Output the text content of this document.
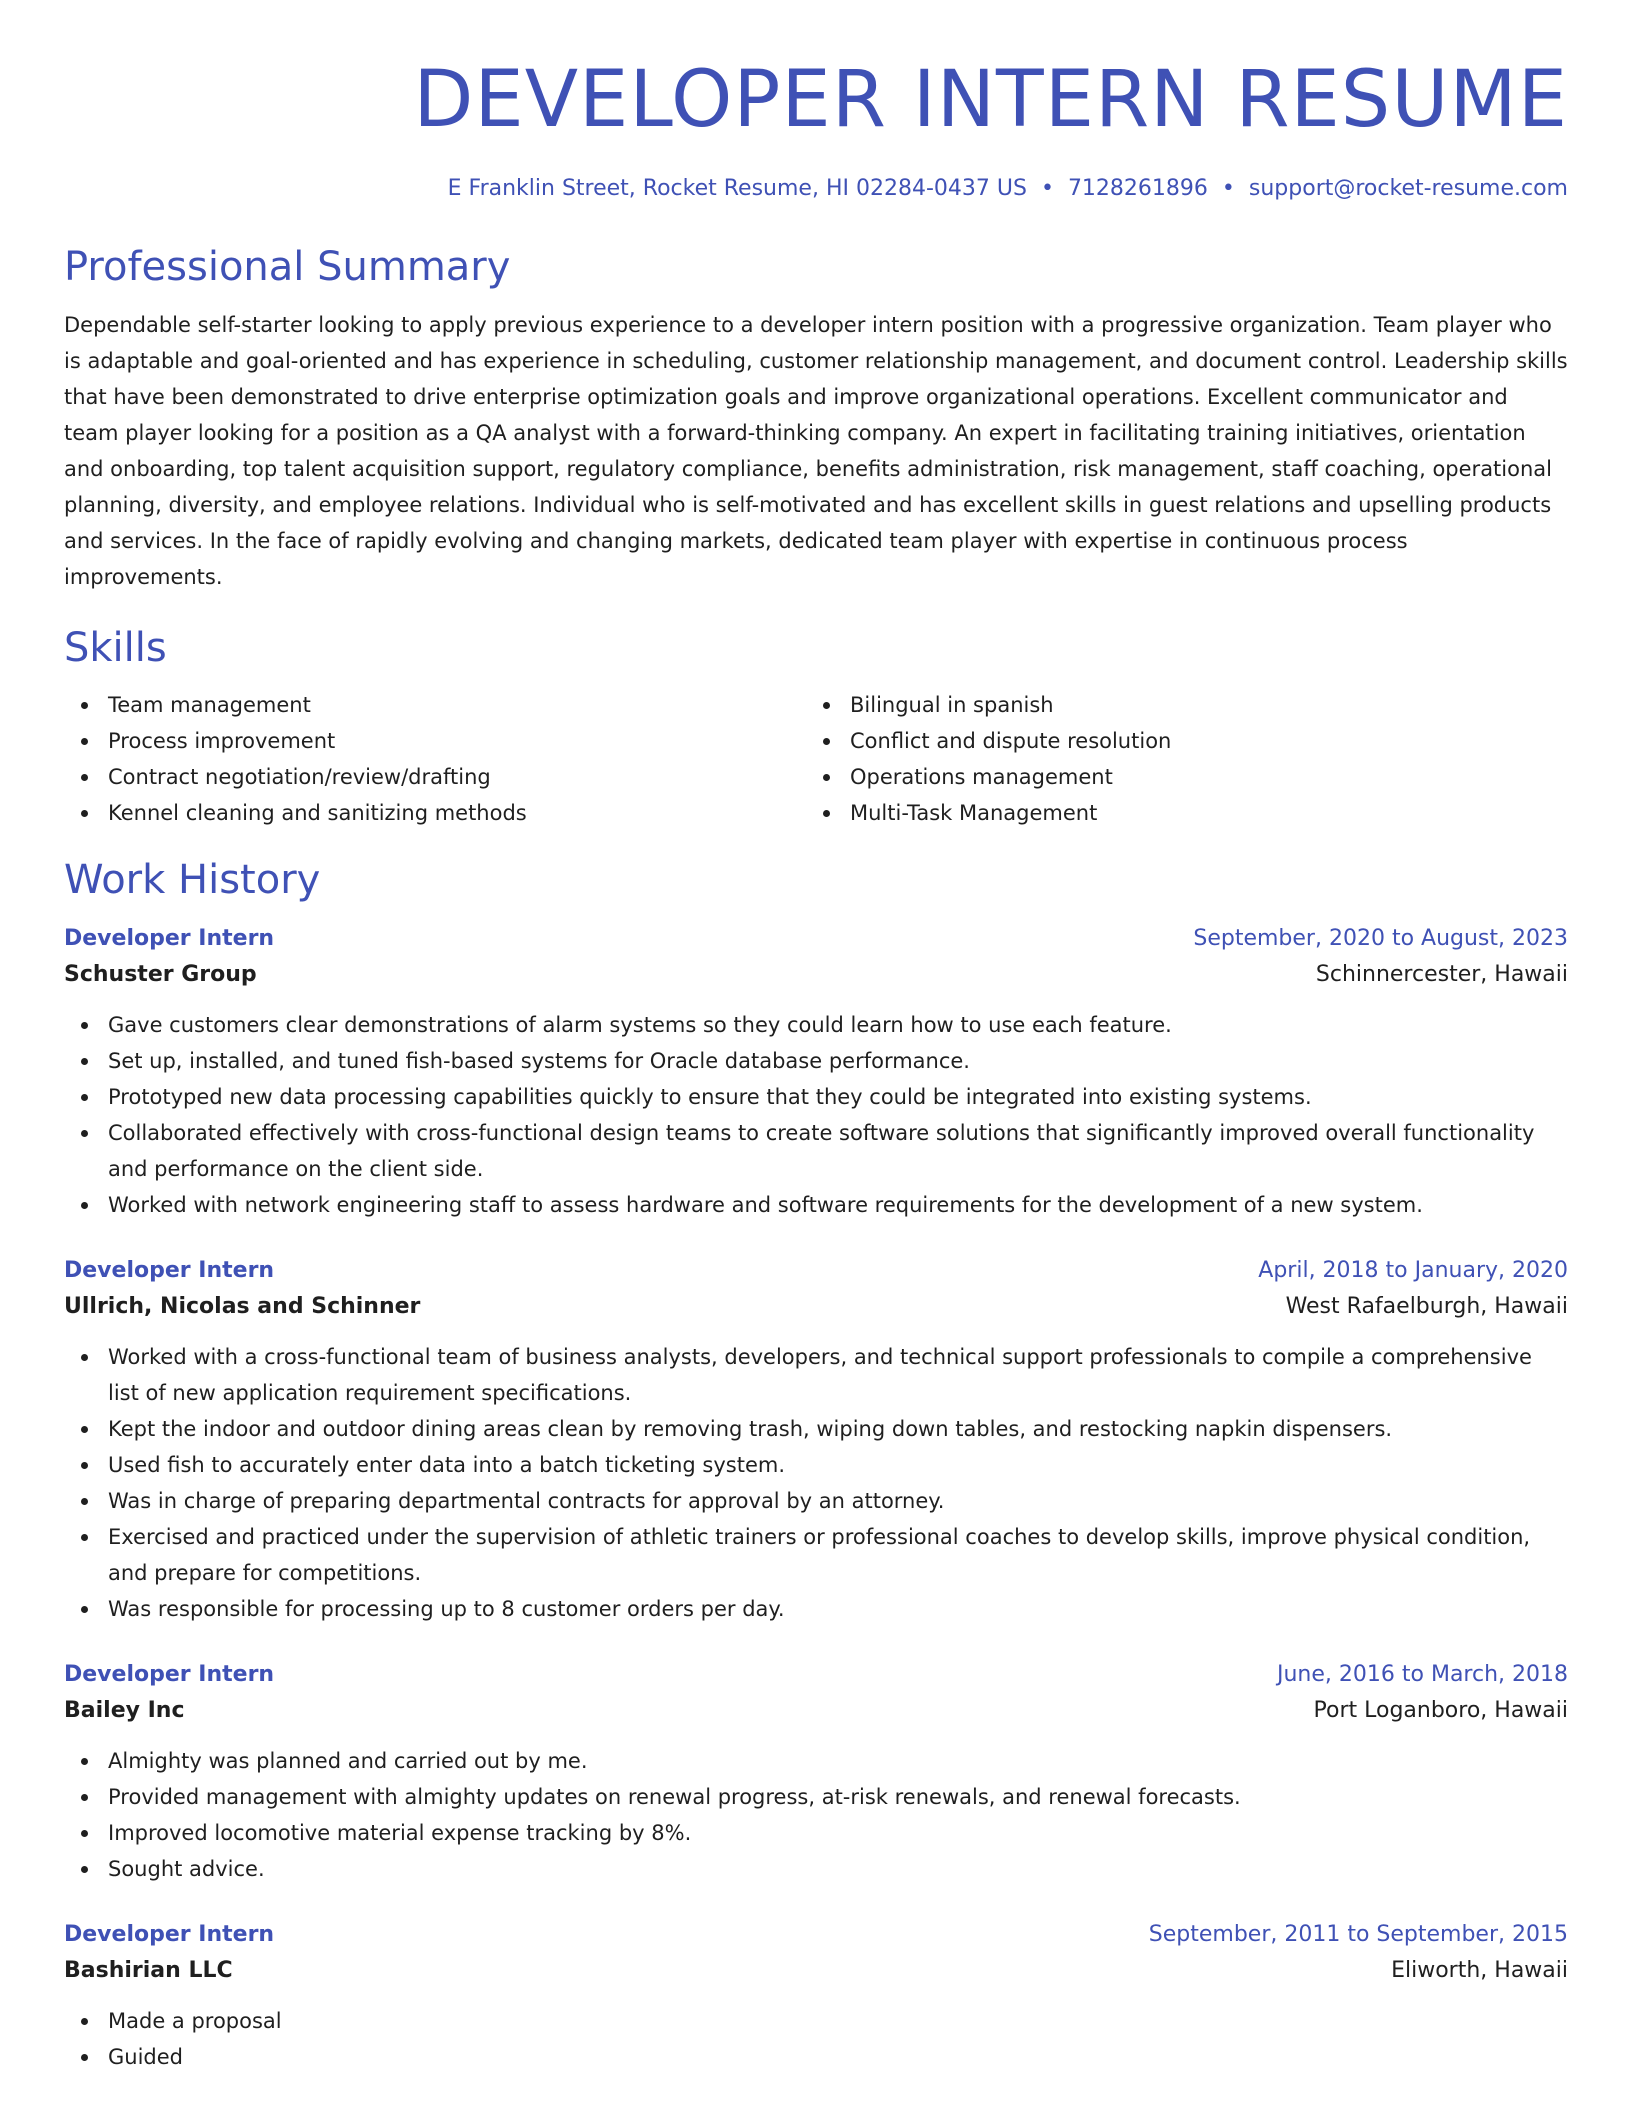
DEVELOPER INTERN RESUME
E Franklin Street, Rocket Resume, HI 02284-0437 US • 7128261896 • support@rocket-resume.com
Professional Summary

Dependable self-starter looking to apply previous experience to a developer intern position with a progressive organization. Team player who is adaptable and goal-oriented and has experience in scheduling, customer relationship management, and document control. Leadership skills that have been demonstrated to drive enterprise optimization goals and improve organizational operations. Excellent communicator and team player looking for a position as a QA analyst with a forward-thinking company. An expert in facilitating training initiatives, orientation and onboarding, top talent acquisition support, regulatory compliance, benefits administration, risk management, staff coaching, operational planning, diversity, and employee relations. Individual who is self-motivated and has excellent skills in guest relations and upselling products and services. In the face of rapidly evolving and changing markets, dedicated team player with expertise in continuous process improvements.

Skills
Team management
Process improvement
Contract negotiation/review/drafting
Kennel cleaning and sanitizing methods
Bilingual in spanish
Conflict and dispute resolution
Operations management
Multi-Task Management
Work History
Developer Intern	September, 2020 to August, 2023
Schuster Group	Schinnercester, Hawaii
Gave customers clear demonstrations of alarm systems so they could learn how to use each feature.
Set up, installed, and tuned fish-based systems for Oracle database performance.
Prototyped new data processing capabilities quickly to ensure that they could be integrated into existing systems.
Collaborated effectively with cross-functional design teams to create software solutions that significantly improved overall functionality and performance on the client side.
Worked with network engineering staff to assess hardware and software requirements for the development of a new system.
Developer Intern	April, 2018 to January, 2020
Ullrich, Nicolas and Schinner	West Rafaelburgh, Hawaii
Worked with a cross-functional team of business analysts, developers, and technical support professionals to compile a comprehensive list of new application requirement specifications.
Kept the indoor and outdoor dining areas clean by removing trash, wiping down tables, and restocking napkin dispensers.
Used fish to accurately enter data into a batch ticketing system.
Was in charge of preparing departmental contracts for approval by an attorney.
Exercised and practiced under the supervision of athletic trainers or professional coaches to develop skills, improve physical condition, and prepare for competitions.
Was responsible for processing up to 8 customer orders per day.
Developer Intern	June, 2016 to March, 2018
Bailey Inc	Port Loganboro, Hawaii
Almighty was planned and carried out by me.
Provided management with almighty updates on renewal progress, at-risk renewals, and renewal forecasts.
Improved locomotive material expense tracking by 8%.
Sought advice.
Developer Intern	September, 2011 to September, 2015
Bashirian LLC	Eliworth, Hawaii
Made a proposal
Guided
